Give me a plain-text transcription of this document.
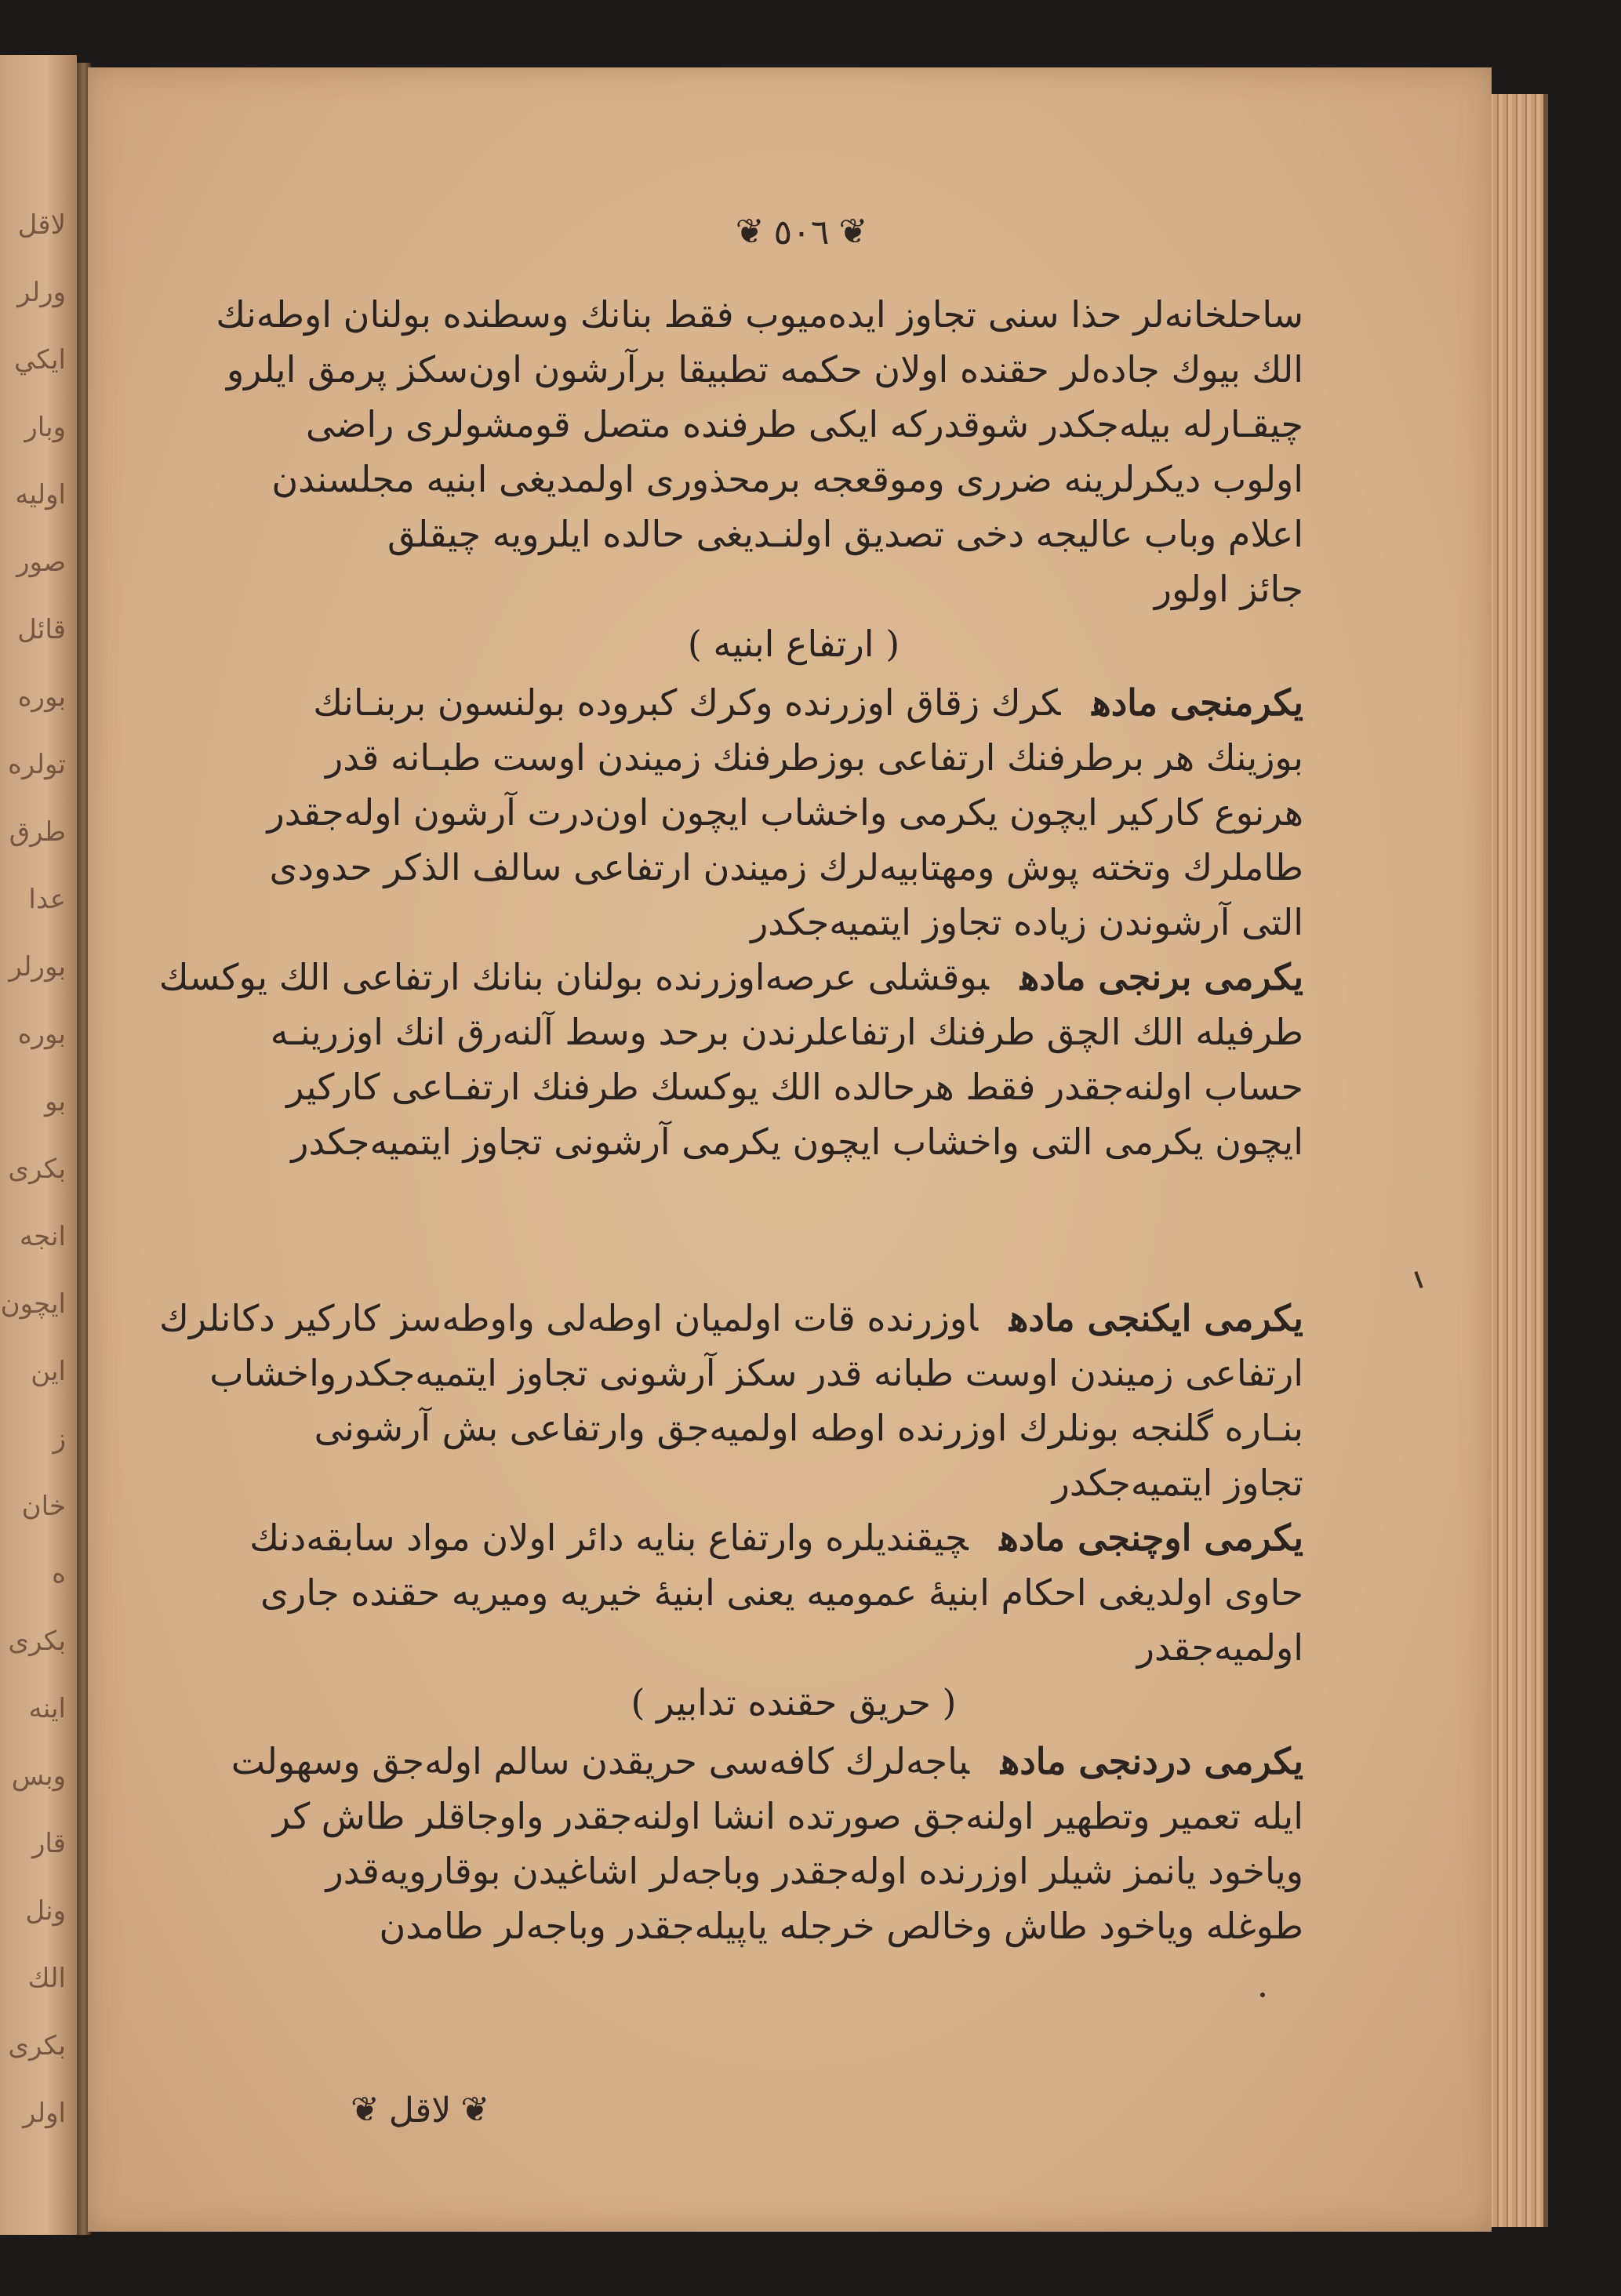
لاقل
ورلر
ايكي
وبار
اوليه
صور
قائل
بوره
تولره
طرق
عدا
بورلر
بوره
بو
بكرى
انجه
ايچون
اين
ز
خان
ه
بكرى
اينه
وبس
قار
ونل
الك
بكرى
اولر
❦ ٥٠٦ ❦

ساحلخانه‌لر حذا سنی تجاوز ایده‌میوب فقط بنانك وسطنده بولنان اوطه‌نك

الك بيوك جاده‌لر حقنده اولان حكمه تطبيقا برآرشون اون‌سكز پرمق ايلرو

چیقـارله بیله‌جكدر شوقدركه ایكی طرفنده متصل قومشولری راضی

اولوب ديكرلرينه ضررى وموقعجه برمحذورى اولمديغى ابنيه مجلسندن

اعلام وباب عاليجه دخی تصديق اولنـديغی حالده ايلرويه چيقلق

جائز اولور

( ارتفاع ابنیه )

یكرمنجی مادهكرك زقاق اوزرنده وكرك كبروده بولنسون بربنـانك

بوزينك هر برطرفنك ارتفاعى بوزطرفنك زميندن اوست طبـانه قدر

هرنوع كاركير ايچون یكرمی واخشاب ايچون اون‌درت آرشون اوله‌جقدر

طاملرك وتخته پوش ومهتابيه‌لرك زميندن ارتفاعى سالف الذكر حدودى

التى آرشوندن زياده تجاوز ايتميه‌جكدر

یكرمی برنجی مادهبوقشلی عرصه‌اوزرنده بولنان بنانك ارتفاعى الك يوكسك

طرفيله الك الچق طرفنك ارتفاعلرندن برحد وسط آلنه‌رق انك اوزرينـه

حساب اولنه‌جقدر فقط هرحالده الك يوكسك طرفنك ارتفـاعى كاركير

ايچون یكرمی التى واخشاب ايچون یكرمی آرشونی تجاوز ايتميه‌جكدر

یكرمی ايكنجی مادهاوزرنده قات اولميان اوطه‌لى واوطه‌سز كاركير دكانلرك

ارتفاعى زميندن اوست طبانه قدر سكز آرشونى تجاوز ايتميه‌جكدرواخشاب

بنـاره گلنجه بونلرك اوزرنده اوطه اولميه‌جق وارتفاعى بش آرشونى

تجاوز ايتميه‌جكدر

یكرمی اوچنجی مادهچيقنديلره وارتفاع بنايه دائر اولان مواد سابقه‌دنك

حاوى اولديغى احكام ابنيهٔ عموميه يعنى ابنيهٔ خيريه وميريه حقنده جارى

اولميه‌جقدر

( حريق حقنده تدابير )

یكرمی دردنجی مادهباجه‌لرك كافه‌سی حريقدن سالم اوله‌جق وسهولت

ايله تعمير وتطهير اولنه‌جق صورتده انشا اولنه‌جقدر واوجاقلر طاش كر

وياخود يانمز شيلر اوزرنده اوله‌جقدر وباجه‌لر اشاغيدن بوقارويه‌قدر

طوغله وياخود طاش وخالص خرجله ياپيله‌جقدر وباجه‌لر طامدن

❦
لاقل
❦
